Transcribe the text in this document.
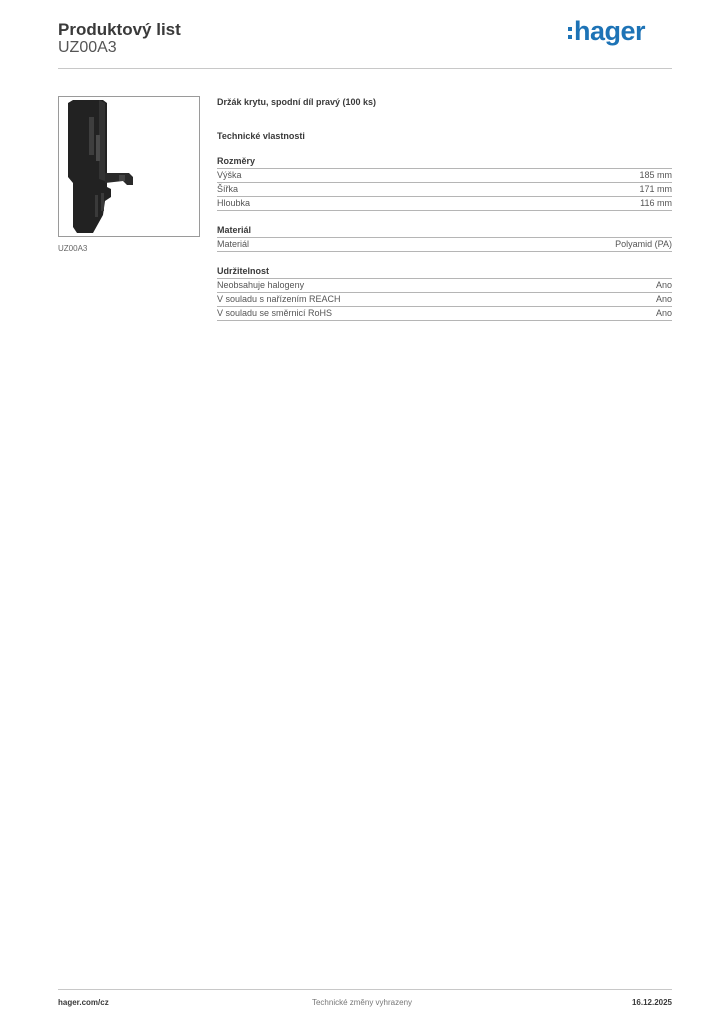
Produktový list
UZ00A3
hager
UZ00A3
Držák krytu, spodní díl pravý (100 ks)
Technické vlastnosti
Rozměry
Výška	185 mm
Šířka	171 mm
Hloubka	116 mm
Materiál
Materiál	Polyamid (PA)
Udržitelnost
Neobsahuje halogeny	Ano
V souladu s nařízením REACH	Ano
V souladu se směrnicí RoHS	Ano
hager.com/cz	Technické změny vyhrazeny	16.12.2025
